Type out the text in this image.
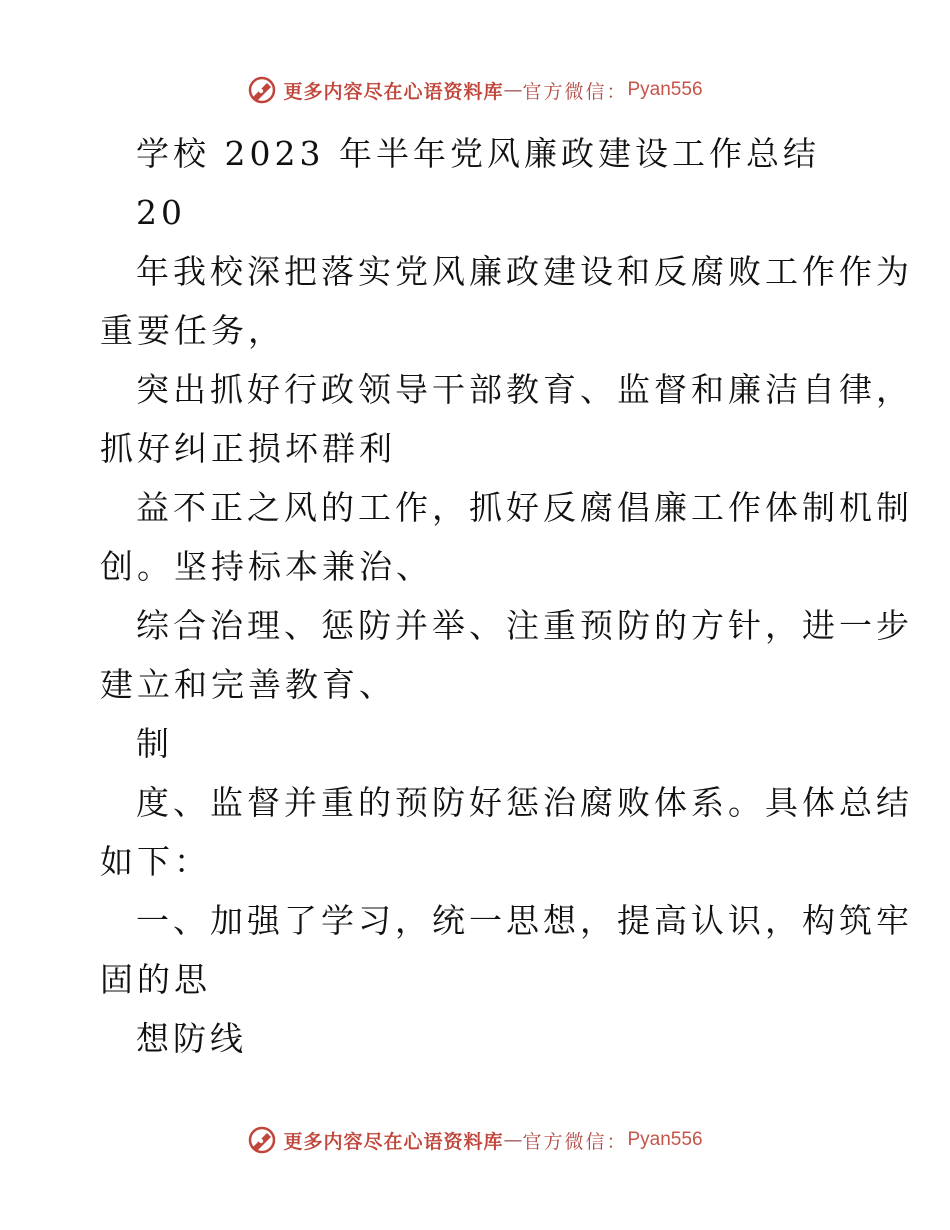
更多内容尽在心语资料库 — 官方微信： Pyan556
学校 2023 年半年党风廉政建设工作总结
20
年我校深把落实党风廉政建设和反腐败工作作为
重要任务，
突出抓好行政领导干部教育、监督和廉洁自律，
抓好纠正损坏群利
益不正之风的工作，抓好反腐倡廉工作体制机制
创。坚持标本兼治、
综合治理、惩防并举、注重预防的方针，进一步
建立和完善教育、
制
度、监督并重的预防好惩治腐败体系。具体总结
如下：
一、加强了学习，统一思想，提高认识，构筑牢
固的思
想防线
更多内容尽在心语资料库 — 官方微信： Pyan556
